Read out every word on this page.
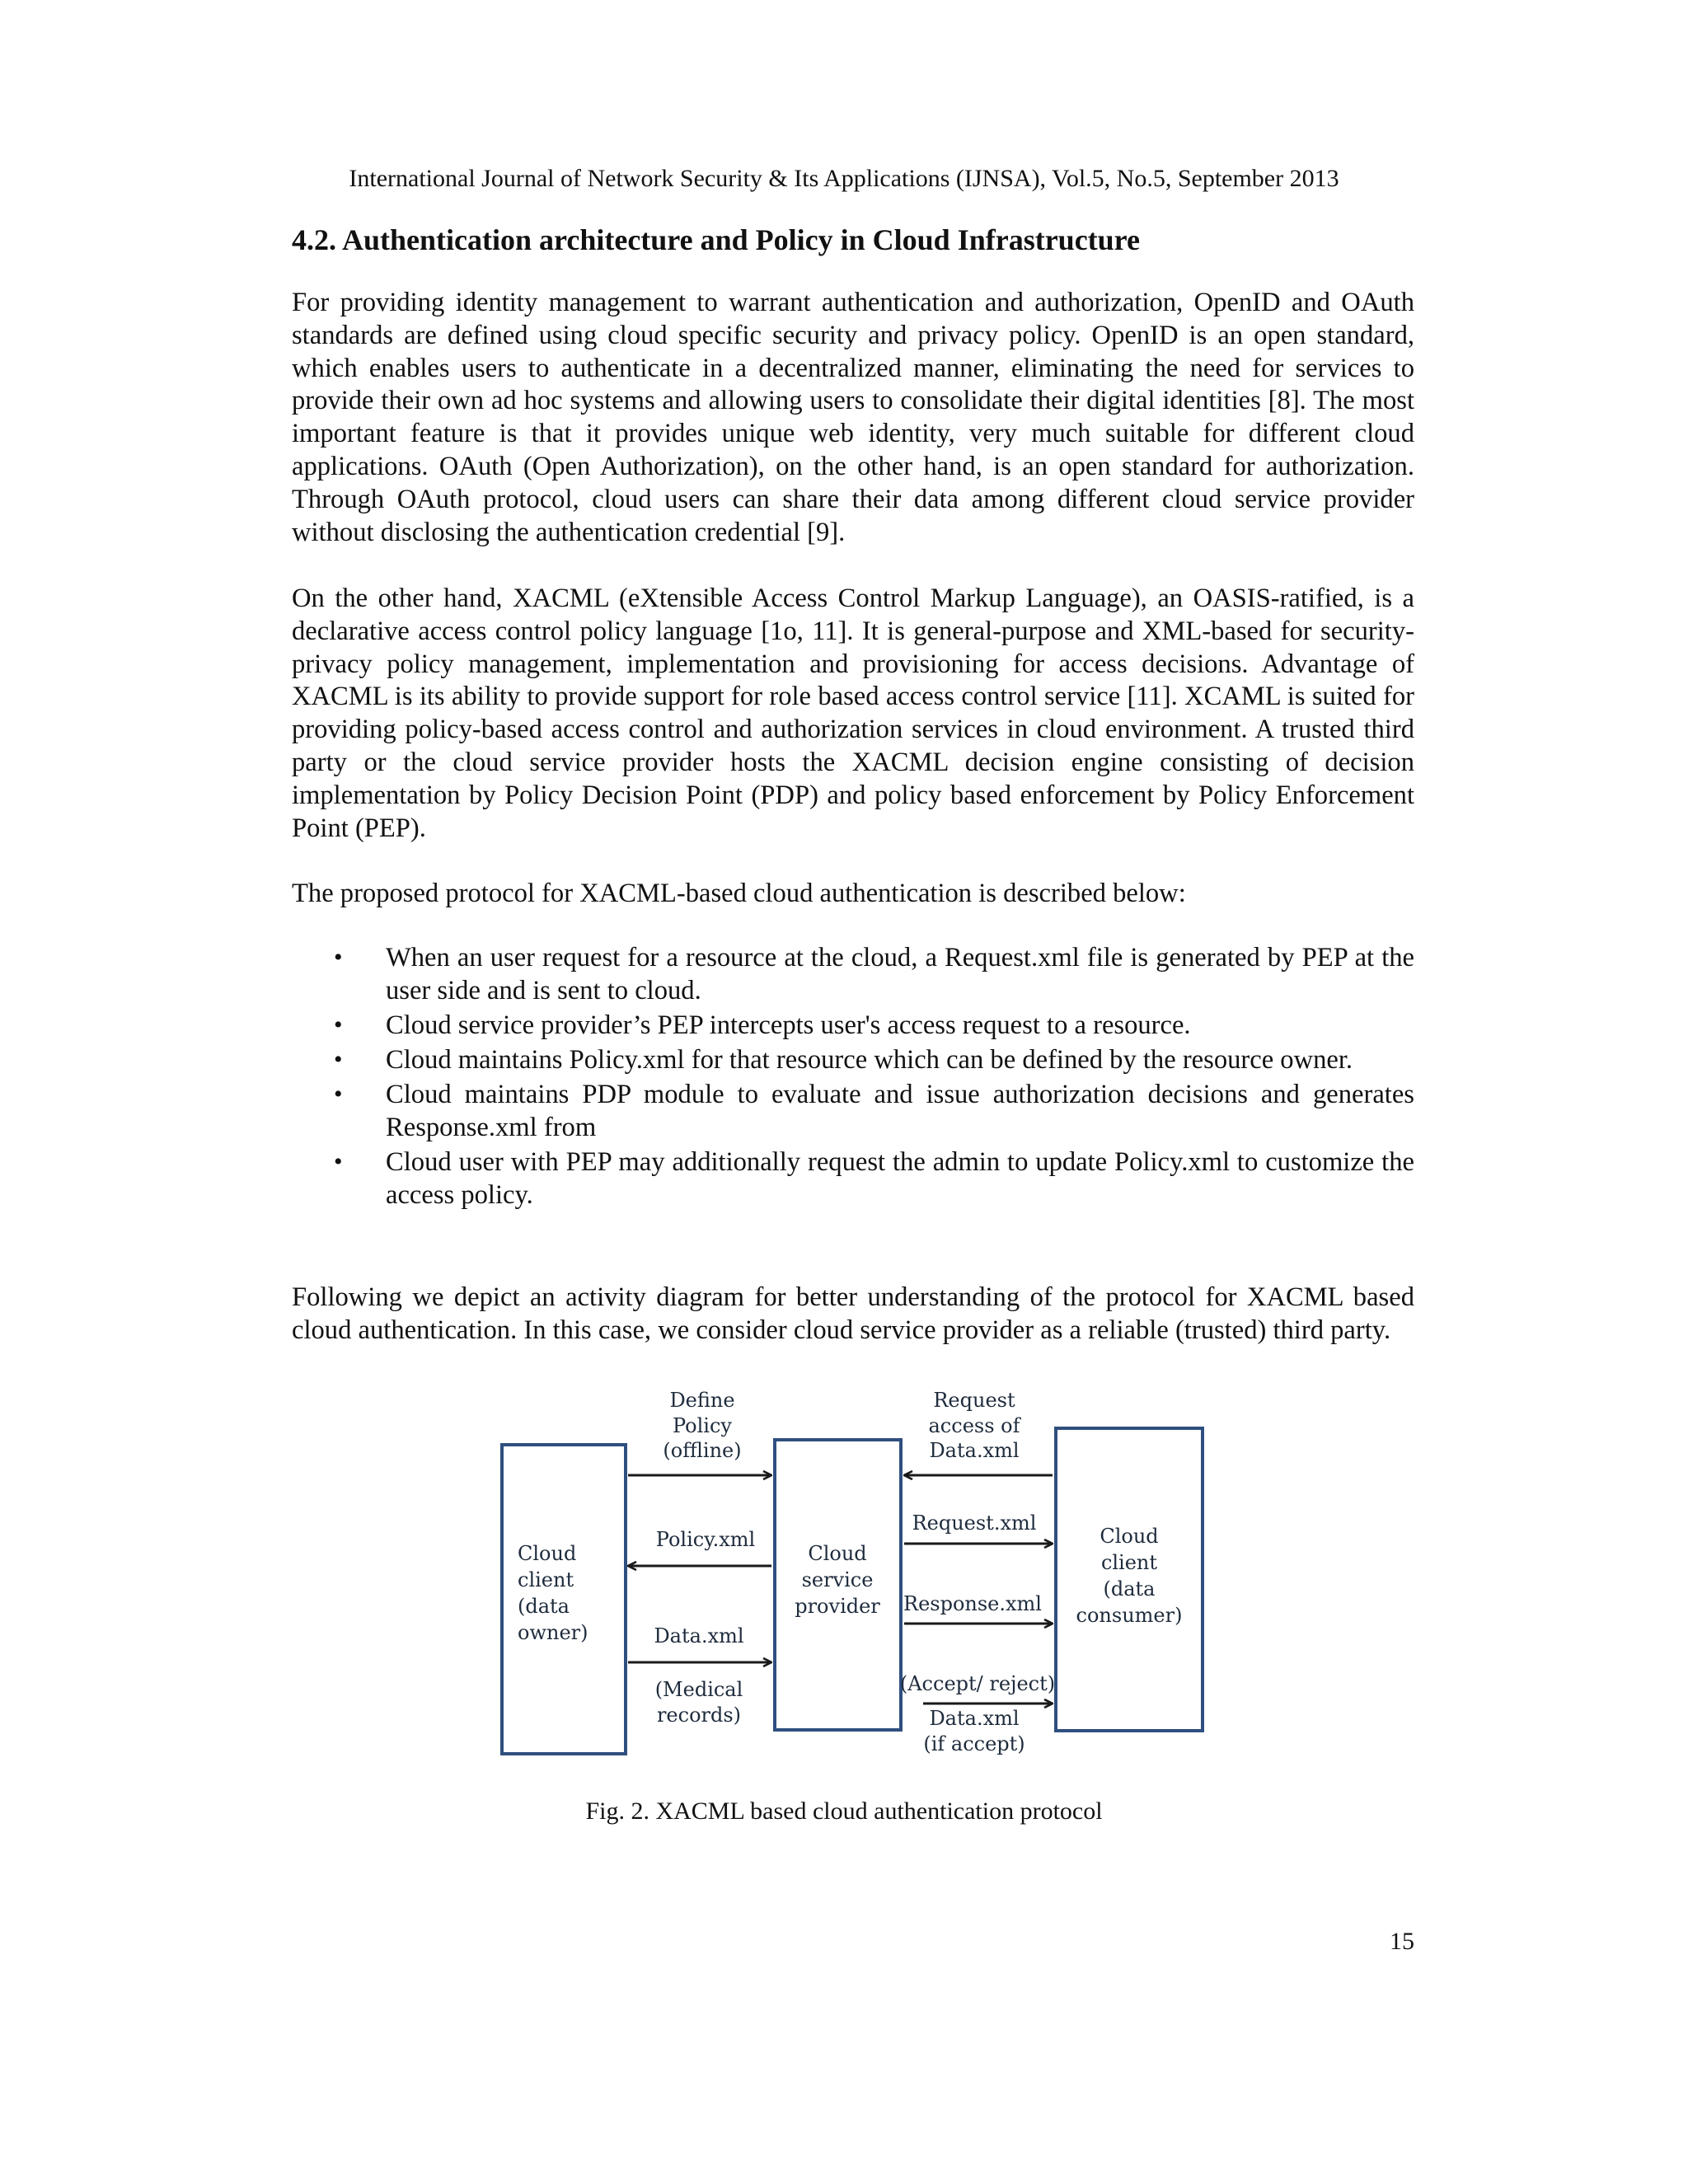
International Journal of Network Security & Its Applications (IJNSA), Vol.5, No.5, September 2013
4.2. Authentication architecture and Policy in Cloud Infrastructure

For providing identity management to warrant authentication and authorization, OpenID and OAuth standards are defined using cloud specific security and privacy policy. OpenID is an open standard, which enables users to authenticate in a decentralized manner, eliminating the need for services to provide their own ad hoc systems and allowing users to consolidate their digital identities [8]. The most important feature is that it provides unique web identity, very much suitable for different cloud applications. OAuth (Open Authorization), on the other hand, is an open standard for authorization. Through OAuth protocol, cloud users can share their data among different cloud service provider without disclosing the authentication credential [9].

On the other hand, XACML (eXtensible Access Control Markup Language), an OASIS-ratified, is a declarative access control policy language [1o, 11]. It is general-purpose and XML-based for security-privacy policy management, implementation and provisioning for access decisions. Advantage of XACML is its ability to provide support for role based access control service [11]. XCAML is suited for providing policy-based access control and authorization services in cloud environment. A trusted third party or the cloud service provider hosts the XACML decision engine consisting of decision implementation by Policy Decision Point (PDP) and policy based enforcement by Policy Enforcement Point (PEP).

The proposed protocol for XACML-based cloud authentication is described below:

• When an user request for a resource at the cloud, a Request.xml file is generated by PEP at the user side and is sent to cloud.
• Cloud service provider’s PEP intercepts user's access request to a resource.
• Cloud maintains Policy.xml for that resource which can be defined by the resource owner.
• Cloud maintains PDP module to evaluate and issue authorization decisions and generates Response.xml from
• Cloud user with PEP may additionally request the admin to update Policy.xml to customize the access policy.

Following we depict an activity diagram for better understanding of the protocol for XACML based cloud authentication. In this case, we consider cloud service provider as a reliable (trusted) third party.

Cloud
client
(data
owner)
Cloud
service
provider
Cloud
client
(data
consumer)
Define
Policy
(offline)
Policy.xml
Data.xml
(Medical
records)
Request
access of
Data.xml
Request.xml
Response.xml
(Accept/ reject)
Data.xml
(if accept)
Fig. 2. XACML based cloud authentication protocol
15
